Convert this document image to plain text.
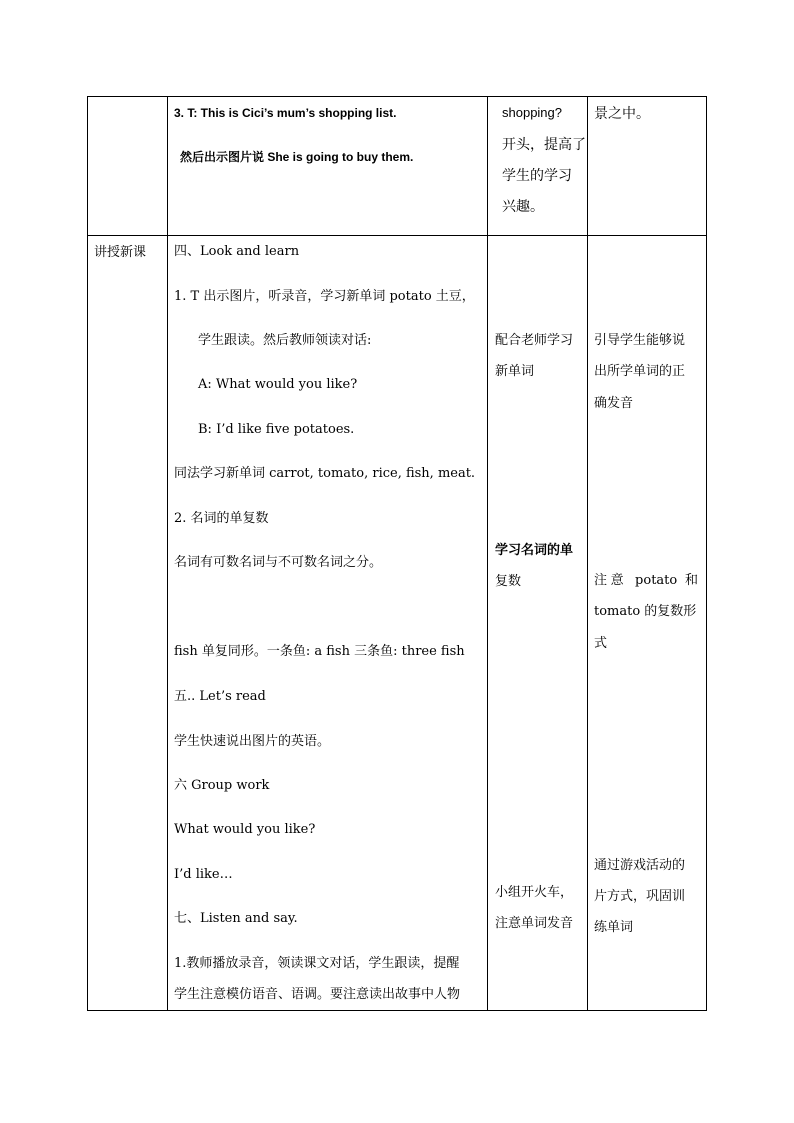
3. T: This is Cici’s mum’s shopping list.
然后出示图片说 She is going to buy them.
shopping?
开头，提高了
学生的学习
兴趣。
景之中。
讲授新课 四、Look and learn
1. T 出示图片，听录音，学习新单词 potato 土豆，
学生跟读。然后教师领读对话:
A: What would you like?
B: I’d like five potatoes.
同法学习新单词 carrot, tomato, rice, fish, meat.
2. 名词的单复数
名词有可数名词与不可数名词之分。
fish 单复同形。一条鱼: a fish 三条鱼: three fish
五.. Let’s read
学生快速说出图片的英语。
六 Group work
What would you like?
I’d like…
七、Listen and say.
1.教师播放录音，领读课文对话，学生跟读，提醒
学生注意模仿语音、语调。要注意读出故事中人物
配合老师学习
新单词
学习名词的单
复数
小组开火车，
注意单词发音
引导学生能够说
出所学单词的正
确发音
注意 potato 和
tomato 的复数形
式
通过游戏活动的
片方式，巩固训
练单词
